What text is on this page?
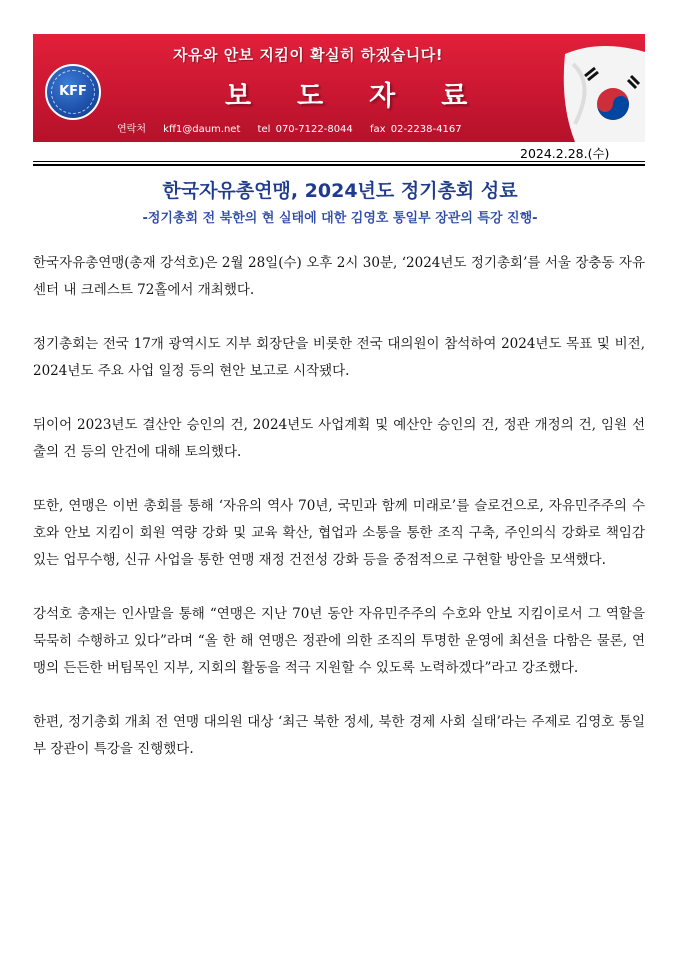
KFF
자유와 안보 지킴이 확실히 하겠습니다!
보도자료
연락처 kff1@daum.net tel 070-7122-8044 fax 02-2238-4167
2024.2.28.(수)
한국자유총연맹, 2024년도 정기총회 성료
-정기총회 전 북한의 현 실태에 대한 김영호 통일부 장관의 특강 진행-

한국자유총연맹(총재 강석호)은 2월 28일(수) 오후 2시 30분, ‘2024년도 정기총회’를 서울 장충동 자유센터 내 크레스트 72홀에서 개최했다.

정기총회는 전국 17개 광역시도 지부 회장단을 비롯한 전국 대의원이 참석하여 2024년도 목표 및 비전, 2024년도 주요 사업 일정 등의 현안 보고로 시작됐다.

뒤이어 2023년도 결산안 승인의 건, 2024년도 사업계획 및 예산안 승인의 건, 정관 개정의 건, 임원 선출의 건 등의 안건에 대해 토의했다.

또한, 연맹은 이번 총회를 통해 ‘자유의 역사 70년, 국민과 함께 미래로’를 슬로건으로, 자유민주주의 수호와 안보 지킴이 회원 역량 강화 및 교육 확산, 협업과 소통을 통한 조직 구축, 주인의식 강화로 책임감 있는 업무수행, 신규 사업을 통한 연맹 재정 건전성 강화 등을 중점적으로 구현할 방안을 모색했다.

강석호 총재는 인사말을 통해 “연맹은 지난 70년 동안 자유민주주의 수호와 안보 지킴이로서 그 역할을 묵묵히 수행하고 있다”라며 “올 한 해 연맹은 정관에 의한 조직의 투명한 운영에 최선을 다함은 물론, 연맹의 든든한 버팀목인 지부, 지회의 활동을 적극 지원할 수 있도록 노력하겠다”라고 강조했다.

한편, 정기총회 개최 전 연맹 대의원 대상 ‘최근 북한 정세, 북한 경제 사회 실태’라는 주제로 김영호 통일부 장관이 특강을 진행했다.
